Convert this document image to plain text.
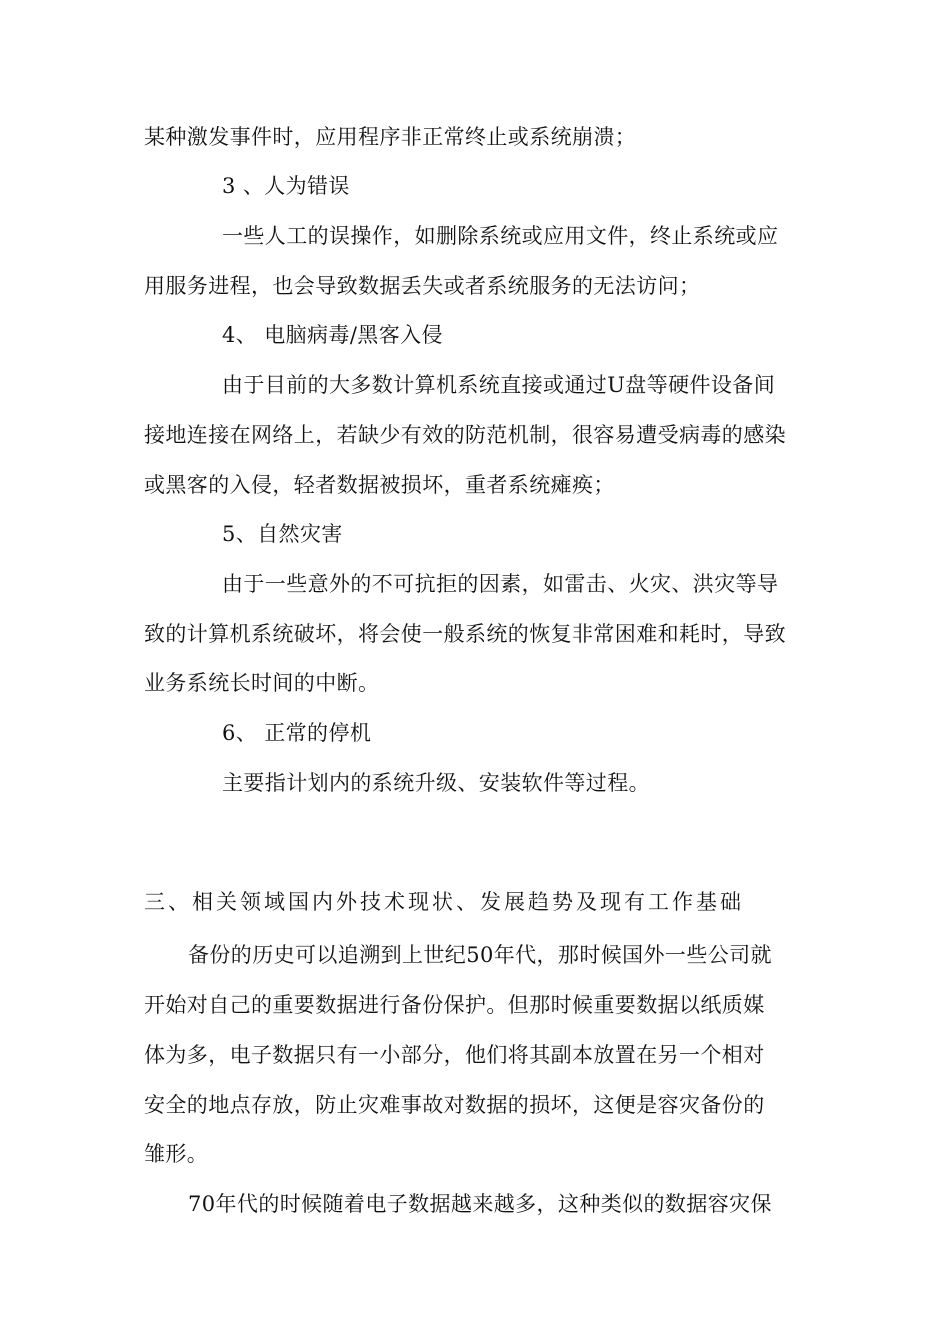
某种激发事件时，应用程序非正常终止或系统崩溃；
3 、人为错误
一些人工的误操作，如删除系统或应用文件，终止系统或应
用服务进程，也会导致数据丢失或者系统服务的无法访问；
4、 电脑病毒/黑客入侵
由于目前的大多数计算机系统直接或通过U盘等硬件设备间
接地连接在网络上，若缺少有效的防范机制，很容易遭受病毒的感染
或黑客的入侵，轻者数据被损坏，重者系统瘫痪；
5、自然灾害
由于一些意外的不可抗拒的因素，如雷击、火灾、洪灾等导
致的计算机系统破坏，将会使一般系统的恢复非常困难和耗时，导致
业务系统长时间的中断。
6、 正常的停机
主要指计划内的系统升级、安装软件等过程。
三、相关领域国内外技术现状、发展趋势及现有工作基础
备份的历史可以追溯到上世纪50年代，那时候国外一些公司就
开始对自己的重要数据进行备份保护。但那时候重要数据以纸质媒
体为多，电子数据只有一小部分，他们将其副本放置在另一个相对
安全的地点存放，防止灾难事故对数据的损坏，这便是容灾备份的
雏形。
70年代的时候随着电子数据越来越多，这种类似的数据容灾保
